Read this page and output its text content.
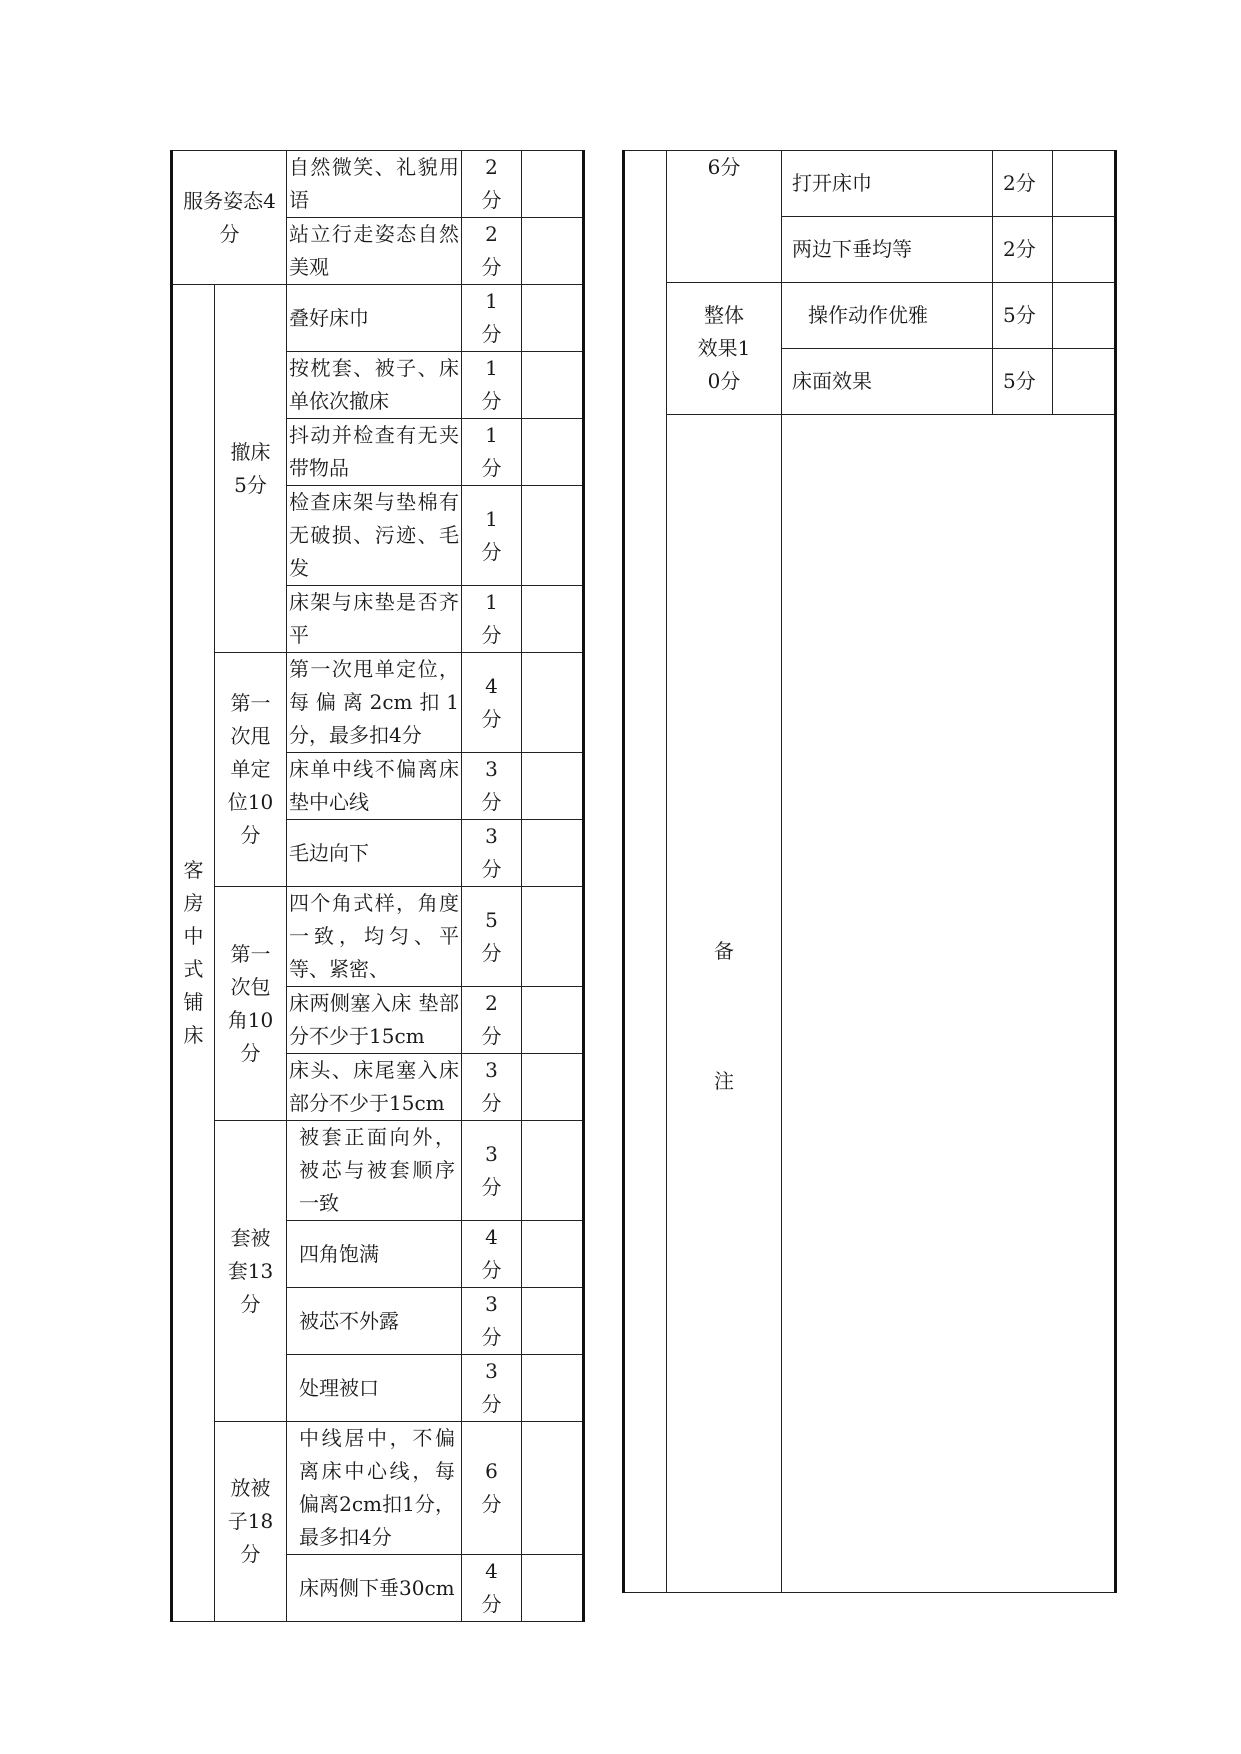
服务姿态4分		自然微笑、礼貌用语	2分	
		站立行走姿态自然美观	2分	
客房中式铺床	撤床5分	叠好床巾	1分	
		按枕套、被子、床单依次撤床	1分	
		抖动并检查有无夹带物品	1分	
		检查床架与垫棉有无破损、污迹、毛发	1分	
		床架与床垫是否齐平	1分	
	第一次甩单定位10分	第一次甩单定位，每偏离2cm扣1分，最多扣4分	4分	
		床单中线不偏离床垫中心线	3分	
		毛边向下	3分	
	第一次包角10分	四个角式样，角度一致，均匀、平等、紧密、	5分	
		床两侧塞入床 垫部分不少于15cm	2分	
		床头、床尾塞入床部分不少于15cm	3分	
	套被套13分	被套正面向外，被芯与被套顺序一致	3分	
		四角饱满	4分	
		被芯不外露	3分	
		处理被口	3分	
	放被子18分	中线居中，不偏离床中心线，每偏离2cm扣1分，最多扣4分	6分	
		床两侧下垂30cm	4分	

	6分	打开床巾	2分	
		两边下垂均等	2分	

	整体效果10分	操作动作优雅	5分	
		床面效果	5分	

	备
注			
